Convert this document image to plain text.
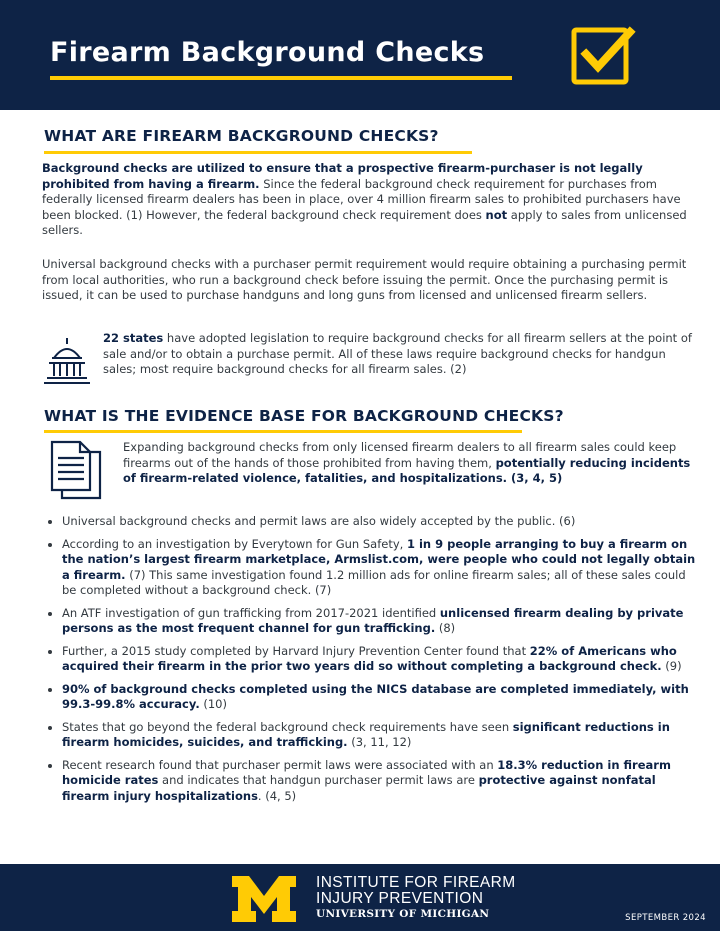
Firearm Background Checks
WHAT ARE FIREARM BACKGROUND CHECKS?

Background checks are utilized to ensure that a prospective firearm-purchaser is not legally prohibited from having a firearm. Since the federal background check requirement for purchases from federally licensed firearm dealers has been in place, over 4 million firearm sales to prohibited purchasers have been blocked. (1) However, the federal background check requirement does not apply to sales from unlicensed sellers.

Universal background checks with a purchaser permit requirement would require obtaining a purchasing permit from local authorities, who run a background check before issuing the permit. Once the purchasing permit is issued, it can be used to purchase handguns and long guns from licensed and unlicensed firearm sellers.

22 states have adopted legislation to require background checks for all firearm sellers at the point of sale and/or to obtain a purchase permit. All of these laws require background checks for handgun sales; most require background checks for all firearm sales. (2)

WHAT IS THE EVIDENCE BASE FOR BACKGROUND CHECKS?

Expanding background checks from only licensed firearm dealers to all firearm sales could keep firearms out of the hands of those prohibited from having them, potentially reducing incidents of firearm-related violence, fatalities, and hospitalizations. (3, 4, 5)

Universal background checks and permit laws are also widely accepted by the public. (6)
According to an investigation by Everytown for Gun Safety, 1 in 9 people arranging to buy a firearm on the nation’s largest firearm marketplace, Armslist.com, were people who could not legally obtain a firearm. (7) This same investigation found 1.2 million ads for online firearm sales; all of these sales could be completed without a background check. (7)
An ATF investigation of gun trafficking from 2017-2021 identified unlicensed firearm dealing by private persons as the most frequent channel for gun trafficking. (8)
Further, a 2015 study completed by Harvard Injury Prevention Center found that 22% of Americans who acquired their firearm in the prior two years did so without completing a background check. (9)
90% of background checks completed using the NICS database are completed immediately, with 99.3-99.8% accuracy. (10)
States that go beyond the federal background check requirements have seen significant reductions in firearm homicides, suicides, and trafficking. (3, 11, 12)
Recent research found that purchaser permit laws were associated with an 18.3% reduction in firearm homicide rates and indicates that handgun purchaser permit laws are protective against nonfatal firearm injury hospitalizations. (4, 5)
INSTITUTE FOR FIREARM
INJURY PREVENTION
UNIVERSITY OF MICHIGAN	SEPTEMBER 2024
